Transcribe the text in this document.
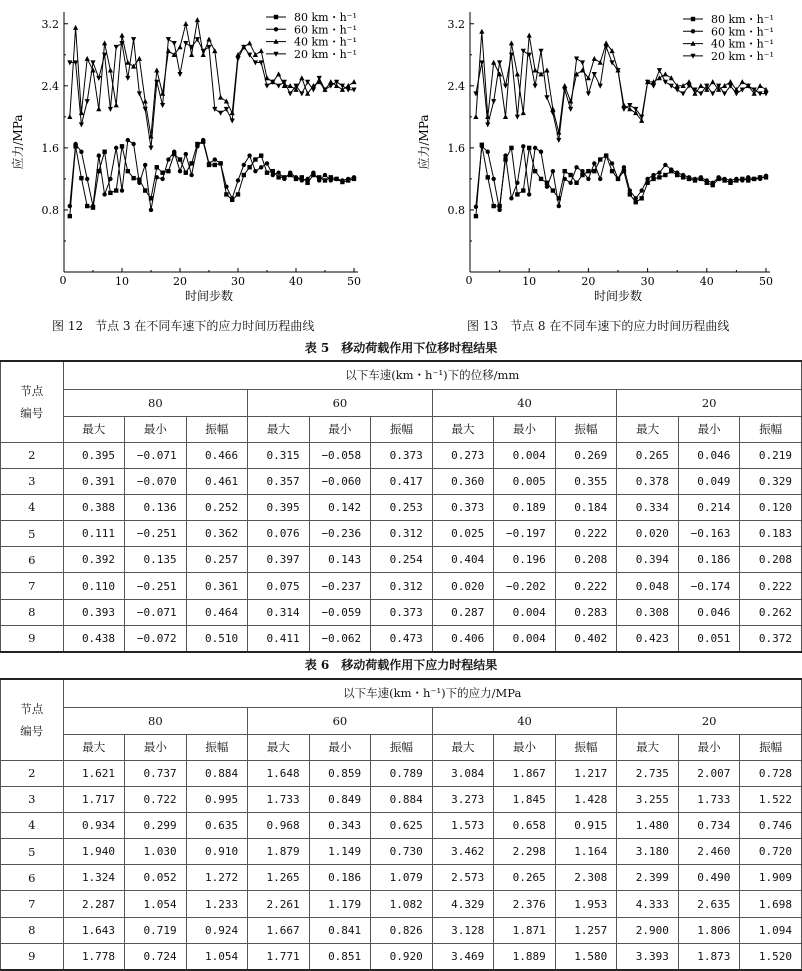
0.8
1.6
2.4
3.2
0	10	20	30	40	50
时间步数
应力/MPa
80 km・h⁻¹
60 km・h⁻¹
40 km・h⁻¹
20 km・h⁻¹
0.8
1.6
2.4
3.2
0	10	20	30	40	50
时间步数
应力/MPa
80 km・h⁻¹
60 km・h⁻¹
40 km・h⁻¹
20 km・h⁻¹
图 12　节点 3 在不同车速下的应力时间历程曲线	图 13　节点 8 在不同车速下的应力时间历程曲线
表 5　移动荷载作用下位移时程结果
节点
编号	以下车速(km・h⁻¹)下的位移/mm											
	80			60			40			20		
	最大	最小	振幅	最大	最小	振幅	最大	最小	振幅	最大	最小	振幅
2	0.395	−0.071	0.466	0.315	−0.058	0.373	0.273	0.004	0.269	0.265	0.046	0.219
3	0.391	−0.070	0.461	0.357	−0.060	0.417	0.360	0.005	0.355	0.378	0.049	0.329
4	0.388	0.136	0.252	0.395	0.142	0.253	0.373	0.189	0.184	0.334	0.214	0.120
5	0.111	−0.251	0.362	0.076	−0.236	0.312	0.025	−0.197	0.222	0.020	−0.163	0.183
6	0.392	0.135	0.257	0.397	0.143	0.254	0.404	0.196	0.208	0.394	0.186	0.208
7	0.110	−0.251	0.361	0.075	−0.237	0.312	0.020	−0.202	0.222	0.048	−0.174	0.222
8	0.393	−0.071	0.464	0.314	−0.059	0.373	0.287	0.004	0.283	0.308	0.046	0.262
9	0.438	−0.072	0.510	0.411	−0.062	0.473	0.406	0.004	0.402	0.423	0.051	0.372
表 6　移动荷载作用下应力时程结果
节点
编号	以下车速(km・h⁻¹)下的应力/MPa											
	80			60			40			20		
	最大	最小	振幅	最大	最小	振幅	最大	最小	振幅	最大	最小	振幅
2	1.621	0.737	0.884	1.648	0.859	0.789	3.084	1.867	1.217	2.735	2.007	0.728
3	1.717	0.722	0.995	1.733	0.849	0.884	3.273	1.845	1.428	3.255	1.733	1.522
4	0.934	0.299	0.635	0.968	0.343	0.625	1.573	0.658	0.915	1.480	0.734	0.746
5	1.940	1.030	0.910	1.879	1.149	0.730	3.462	2.298	1.164	3.180	2.460	0.720
6	1.324	0.052	1.272	1.265	0.186	1.079	2.573	0.265	2.308	2.399	0.490	1.909
7	2.287	1.054	1.233	2.261	1.179	1.082	4.329	2.376	1.953	4.333	2.635	1.698
8	1.643	0.719	0.924	1.667	0.841	0.826	3.128	1.871	1.257	2.900	1.806	1.094
9	1.778	0.724	1.054	1.771	0.851	0.920	3.469	1.889	1.580	3.393	1.873	1.520
